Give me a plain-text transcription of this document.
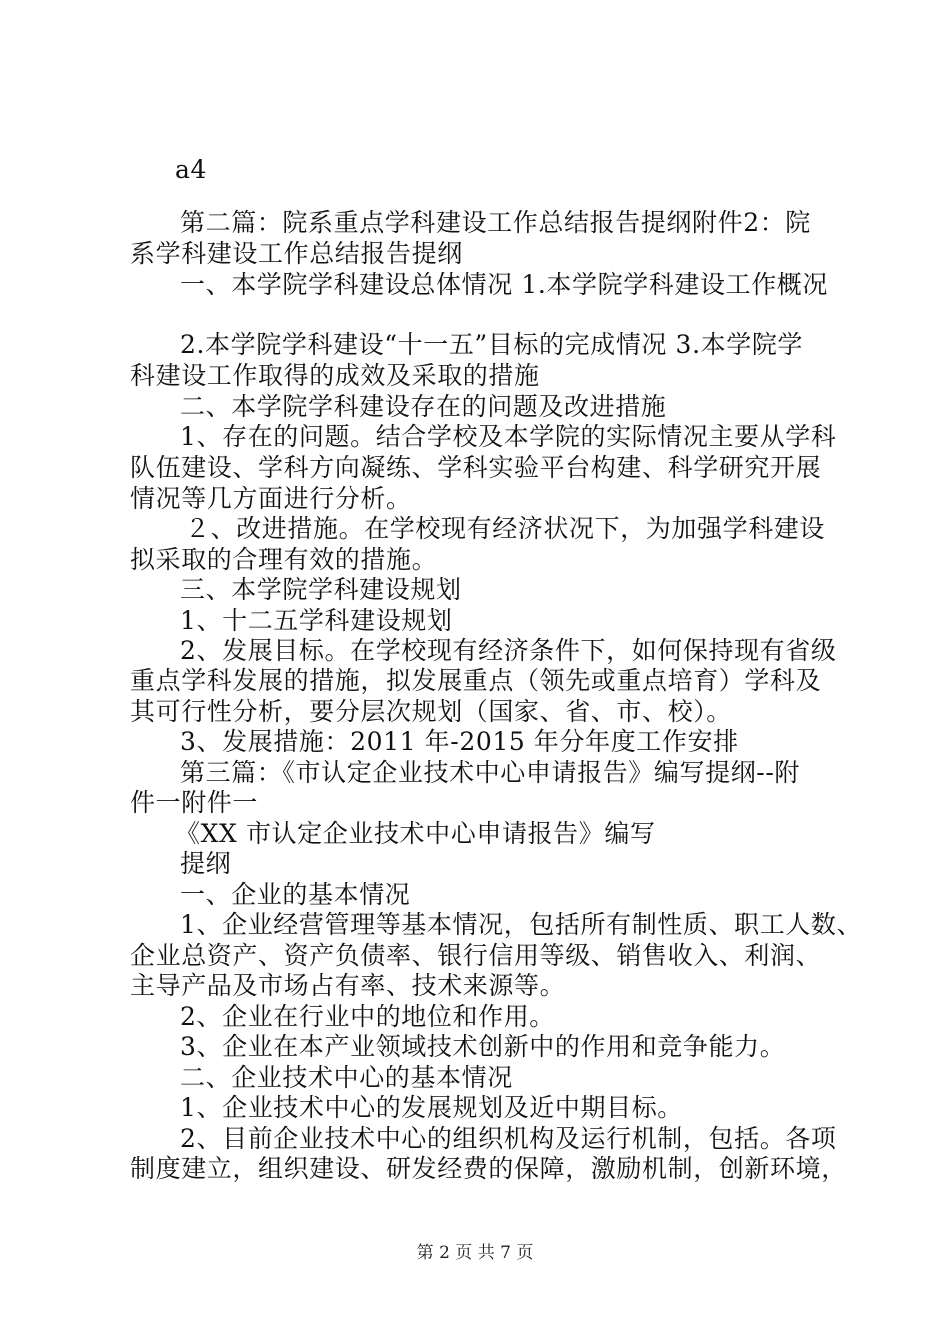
a4
第二篇：院系重点学科建设工作总结报告提纲附件2：院
系学科建设工作总结报告提纲
一、本学院学科建设总体情况 1.本学院学科建设工作概况
2.本学院学科建设“十一五”目标的完成情况 3.本学院学
科建设工作取得的成效及采取的措施
二、本学院学科建设存在的问题及改进措施
1、存在的问题。结合学校及本学院的实际情况主要从学科
队伍建设、学科方向凝练、学科实验平台构建、科学研究开展
情况等几方面进行分析。
２、改进措施。在学校现有经济状况下，为加强学科建设
拟采取的合理有效的措施。
三、本学院学科建设规划
1、十二五学科建设规划
2、发展目标。在学校现有经济条件下，如何保持现有省级
重点学科发展的措施，拟发展重点（领先或重点培育）学科及
其可行性分析，要分层次规划（国家、省、市、校）。
3、发展措施：2011 年-2015 年分年度工作安排
第三篇：《市认定企业技术中心申请报告》编写提纲--附
件一附件一
《XX 市认定企业技术中心申请报告》编写
提纲
一、企业的基本情况
1、企业经营管理等基本情况，包括所有制性质、职工人数、
企业总资产、资产负债率、银行信用等级、销售收入、利润、
主导产品及市场占有率、技术来源等。
2、企业在行业中的地位和作用。
3、企业在本产业领域技术创新中的作用和竞争能力。
二、企业技术中心的基本情况
1、企业技术中心的发展规划及近中期目标。
2、目前企业技术中心的组织机构及运行机制，包括。各项
制度建立，组织建设、研发经费的保障，激励机制，创新环境，
第 2 页 共 7 页
